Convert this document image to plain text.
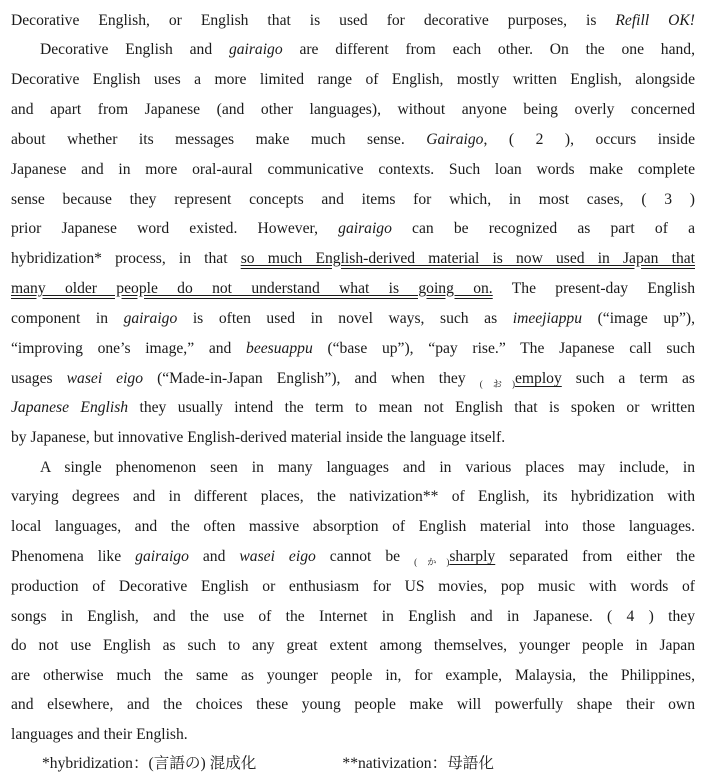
Decorative English, or English that is used for decorative purposes, is Refill OK!
Decorative English and gairaigo are different from each other. On the one hand,
Decorative English uses a more limited range of English, mostly written English, alongside
and apart from Japanese (and other languages), without anyone being overly concerned
about whether its messages make much sense. Gairaigo, ( 2 ), occurs inside
Japanese and in more oral-aural communicative contexts. Such loan words make complete
sense because they represent concepts and items for which, in most cases, ( 3 )
prior Japanese word existed. However, gairaigo can be recognized as part of a
hybridization* process, in that so much English-derived material is now used in Japan that
many older people do not understand what is going on. The present-day English
component in gairaigo is often used in novel ways, such as imeejiappu (“image up”),
“improving one’s image,” and beesuappu (“base up”), “pay rise.” The Japanese call such
usages wasei eigo (“Made-in-Japan English”), and when they $_{(お)}$employ such a term as
Japanese English they usually intend the term to mean not English that is spoken or written
by Japanese, but innovative English-derived material inside the language itself.
A single phenomenon seen in many languages and in various places may include, in
varying degrees and in different places, the nativization** of English, its hybridization with
local languages, and the often massive absorption of English material into those languages.
Phenomena like gairaigo and wasei eigo cannot be $_{(か)}$sharply separated from either the
production of Decorative English or enthusiasm for US movies, pop music with words of
songs in English, and the use of the Internet in English and in Japanese. ( 4 ) they
do not use English as such to any great extent among themselves, younger people in Japan
are otherwise much the same as younger people in, for example, Malaysia, the Philippines,
and elsewhere, and the choices these young people make will powerfully shape their own
languages and their English.
*hybridization：(言語の) 混成化	**nativization：母語化
